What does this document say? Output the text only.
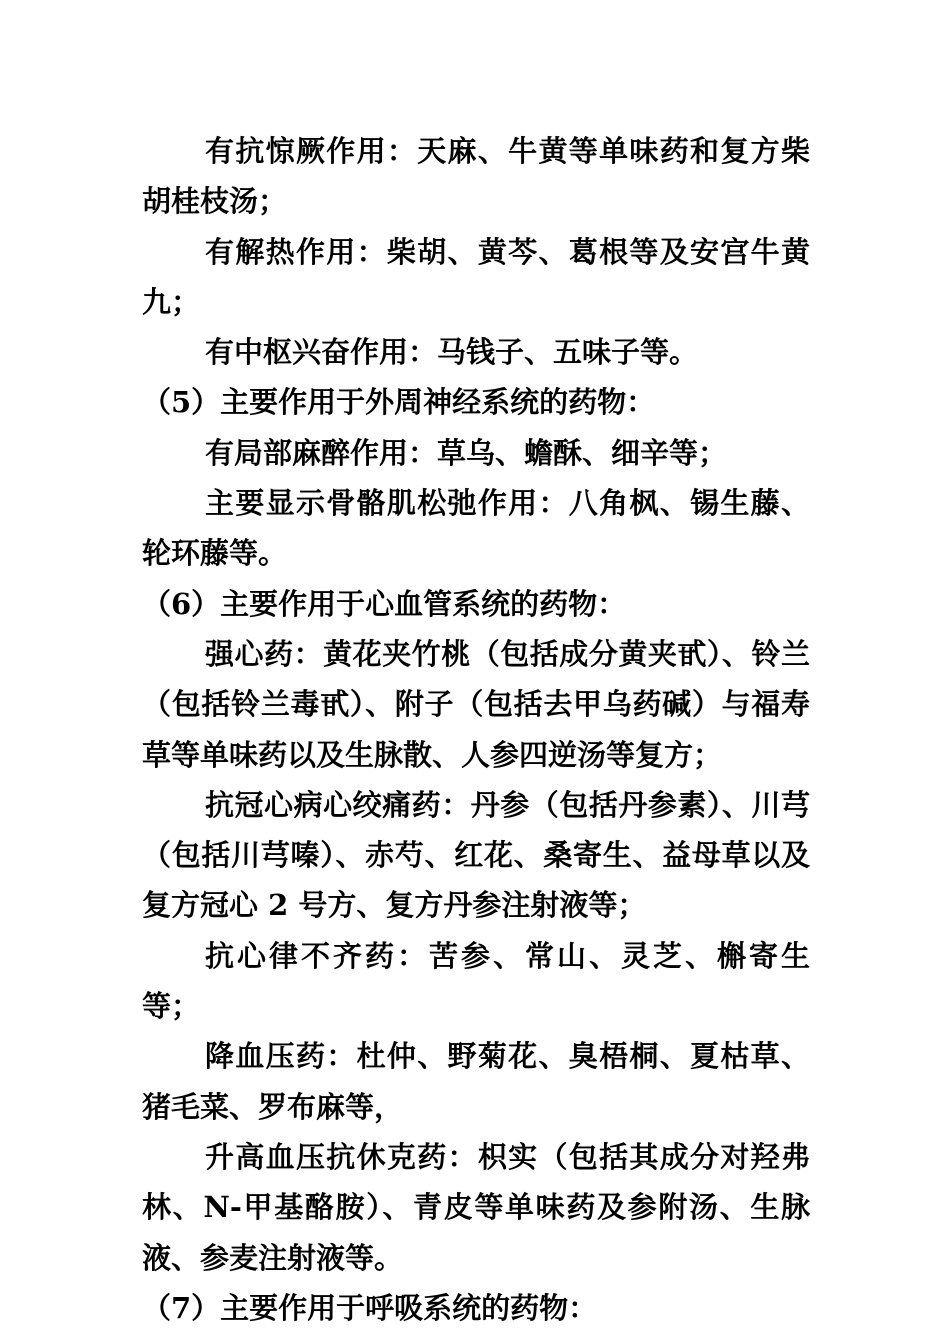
有抗惊厥作用：天麻、牛黄等单味药和复方柴胡桂枝汤；

有解热作用：柴胡、黄芩、葛根等及安宫牛黄九；

有中枢兴奋作用：马钱子、五味子等。

（5）主要作用于外周神经系统的药物：

有局部麻醉作用：草乌、蟾酥、细辛等；

主要显示骨骼肌松弛作用：八角枫、锡生藤、轮环藤等。

（6）主要作用于心血管系统的药物：

强心药：黄花夹竹桃（包括成分黄夹甙）、铃兰（包括铃兰毒甙）、附子（包括去甲乌药碱）与福寿草等单味药以及生脉散、人参四逆汤等复方；

抗冠心病心绞痛药：丹参（包括丹参素）、川芎（包括川芎嗪）、赤芍、红花、桑寄生、益母草以及复方冠心 2 号方、复方丹参注射液等；

抗心律不齐药：苦参、常山、灵芝、槲寄生等；

降血压药：杜仲、野菊花、臭梧桐、夏枯草、猪毛菜、罗布麻等，

升高血压抗休克药：枳实（包括其成分对羟弗林、N-甲基酪胺）、青皮等单味药及参附汤、生脉液、参麦注射液等。

（7）主要作用于呼吸系统的药物：
